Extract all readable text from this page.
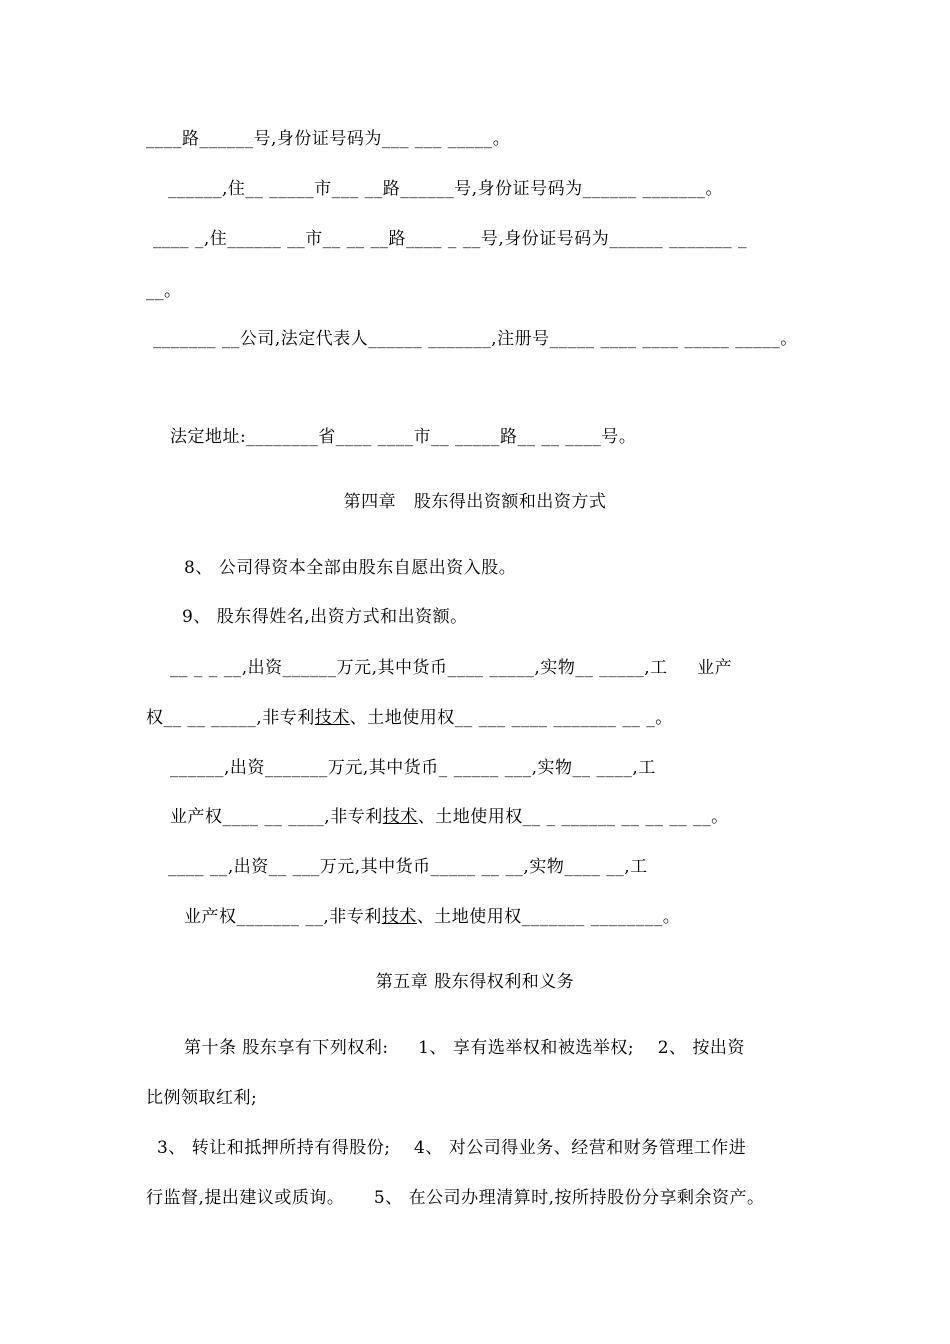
____路______号,身份证号码为___ ___ _____。
______,住__ _____市___ __路______号,身份证号码为______ _______。
____ _,住______ __市__ __ __路____ _ __号,身份证号码为______ _______ _
__。
_______ __公司,法定代表人______ _______,注册号_____ ____ ____ _____ _____。
法定地址:________省____ ____市__ _____路__ __ ____号。
第四章   股东得出资额和出资方式
8、 公司得资本全部由股东自愿出资入股。
9、 股东得姓名,出资方式和出资额。
__ _ _ __,出资______万元,其中货币____ _____,实物__ _____,工     业产
权__ __ _____,非专利技术、土地使用权__ ___ ____ _______ __ _。
______,出资_______万元,其中货币_ _____ ___,实物__ ____,工
业产权____ __ ____,非专利技术、土地使用权__ _ ______ __ __ __ __。
____ __,出资__ ___万元,其中货币_____ __ __,实物____ __,工
业产权_______ __,非专利技术、土地使用权_______ ________。
第五章 股东得权利和义务
第十条 股东享有下列权利:     1、 享有选举权和被选举权;    2、 按出资
比例领取红利;
3、 转让和抵押所持有得股份;    4、 对公司得业务、经营和财务管理工作进
行监督,提出建议或质询。     5、 在公司办理清算时,按所持股份分享剩余资产。
